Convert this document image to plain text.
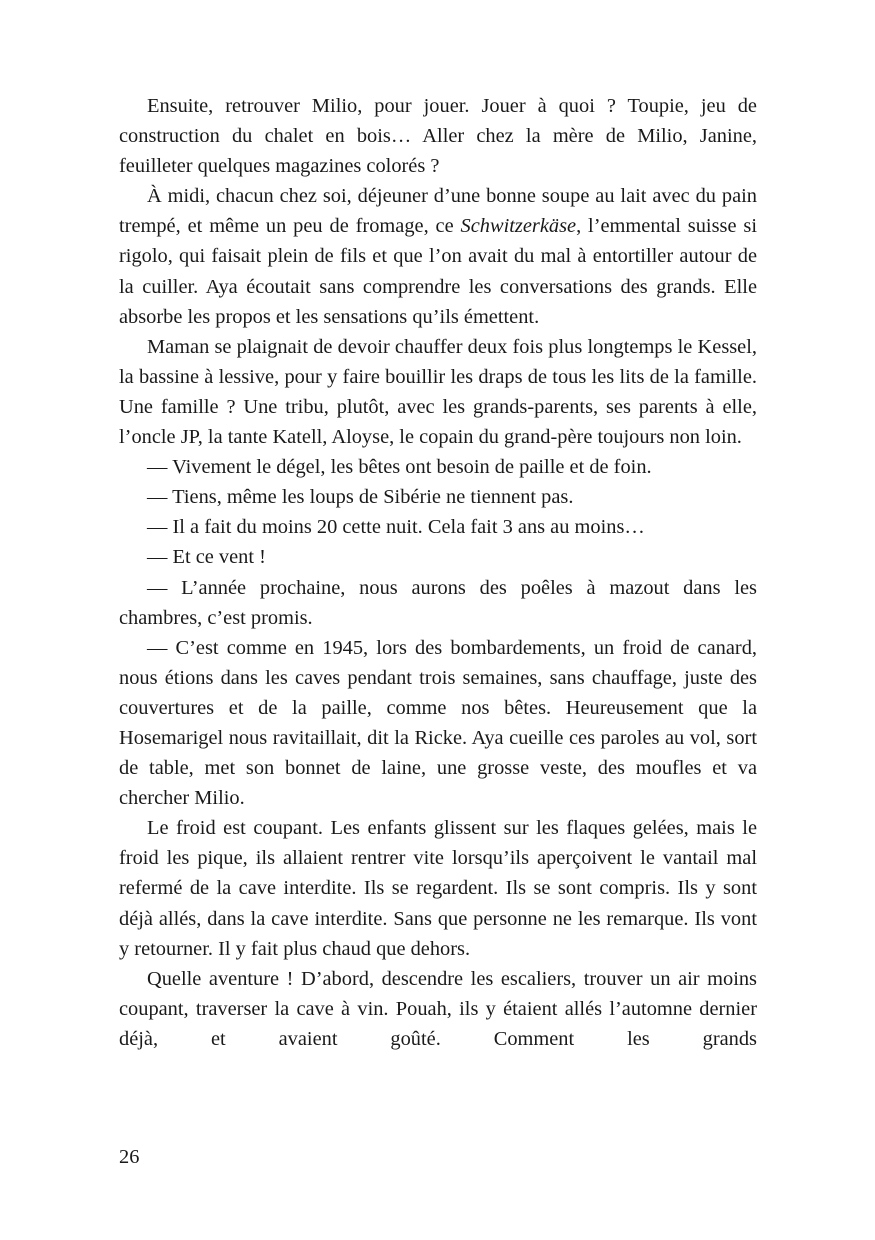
Ensuite, retrouver Milio, pour jouer. Jouer à quoi ? Toupie, jeu de construction du chalet en bois… Aller chez la mère de Milio, Janine, feuilleter quelques magazines colorés ?

À midi, chacun chez soi, déjeuner d’une bonne soupe au lait avec du pain trempé, et même un peu de fromage, ce Schwitzerkäse, l’emmental suisse si rigolo, qui faisait plein de fils et que l’on avait du mal à entortiller autour de la cuiller. Aya écoutait sans comprendre les conversations des grands. Elle absorbe les propos et les sensations qu’ils émettent.

Maman se plaignait de devoir chauffer deux fois plus longtemps le Kessel, la bassine à lessive, pour y faire bouillir les draps de tous les lits de la famille. Une famille ? Une tribu, plutôt, avec les grands-parents, ses parents à elle, l’oncle JP, la tante Katell, Aloyse, le copain du grand-père toujours non loin.

— Vivement le dégel, les bêtes ont besoin de paille et de foin.

— Tiens, même les loups de Sibérie ne tiennent pas.

— Il a fait du moins 20 cette nuit. Cela fait 3 ans au moins…

— Et ce vent !

— L’année prochaine, nous aurons des poêles à mazout dans les chambres, c’est promis.

— C’est comme en 1945, lors des bombardements, un froid de canard, nous étions dans les caves pendant trois semaines, sans chauffage, juste des couvertures et de la paille, comme nos bêtes. Heureusement que la Hosemarigel nous ravitaillait, dit la Ricke. Aya cueille ces paroles au vol, sort de table, met son bonnet de laine, une grosse veste, des moufles et va chercher Milio.

Le froid est coupant. Les enfants glissent sur les flaques gelées, mais le froid les pique, ils allaient rentrer vite lorsqu’ils aperçoivent le vantail mal refermé de la cave interdite. Ils se regardent. Ils se sont compris. Ils y sont déjà allés, dans la cave interdite. Sans que personne ne les remarque. Ils vont y retourner. Il y fait plus chaud que dehors.

Quelle aventure ! D’abord, descendre les escaliers, trouver un air moins coupant, traverser la cave à vin. Pouah, ils y étaient allés l’automne dernier déjà, et avaient goûté. Comment les grands

26
